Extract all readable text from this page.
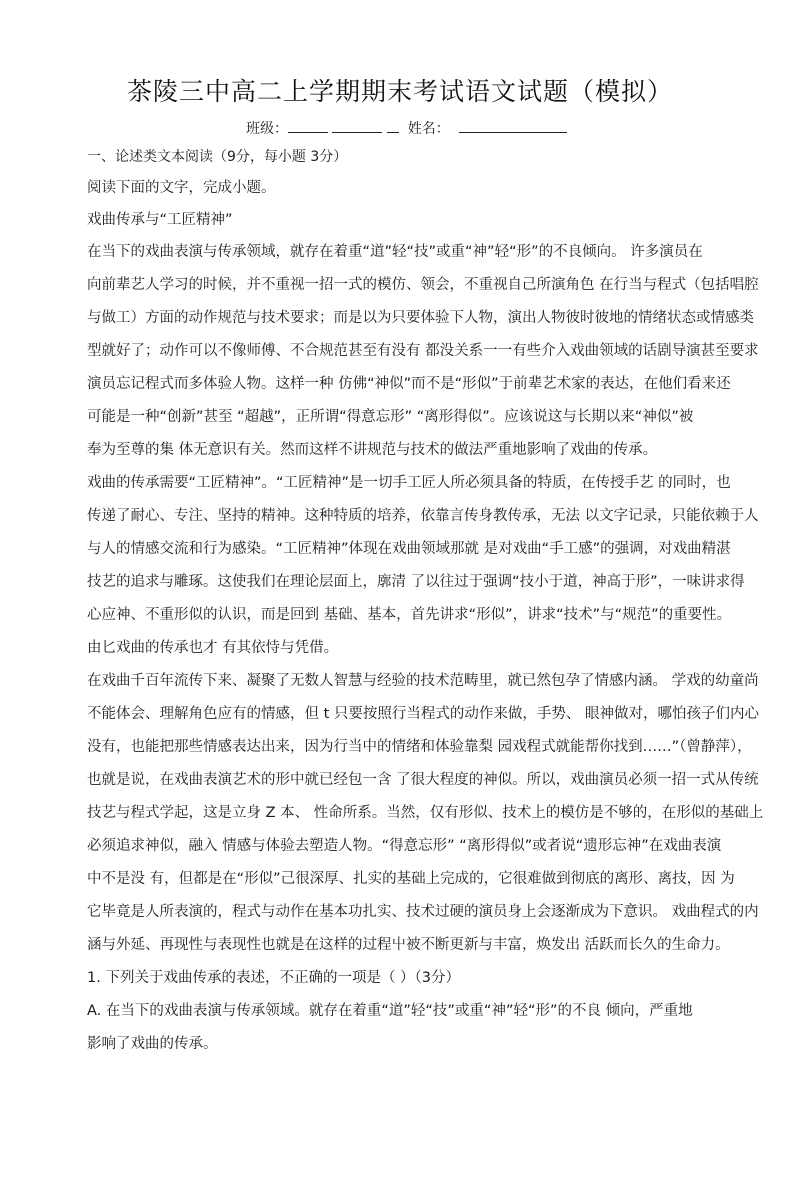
茶陵三中高二上学期期末考试语文试题（模拟）
班级：	姓名：
一、论述类文本阅读（9分，每小题 3分）
阅读下面的文字，完成小题。
戏曲传承与“工匠精神”
在当下的戏曲表演与传承领域，就存在着重“道”轻“技”或重“神”轻“形”的不良倾向。 许多演员在
向前辈艺人学习的时候，并不重视一招一式的模仿、领会，不重视自己所演角色 在行当与程式（包括唱腔
与做工）方面的动作规范与技术要求；而是以为只要体验下人物，演出人物彼时彼地的情绪状态或情感类
型就好了；动作可以不像师傅、不合规范甚至有没有 都没关系一一有些介入戏曲领域的话剧导演甚至要求
演员忘记程式而多体验人物。这样一种 仿佛“神似”而不是“形似”于前辈艺术家的表达，在他们看来还
可能是一种“创新”甚至 “超越”，正所谓“得意忘形” “离形得似”。应该说这与长期以来“神似”被
奉为至尊的集 体无意识有关。然而这样不讲规范与技术的做法严重地影响了戏曲的传承。
戏曲的传承需要“工匠精神”。“工匠精神”是一切手工匠人所必须具备的特质，在传授手艺 的同时，也
传递了耐心、专注、坚持的精神。这种特质的培养，依靠言传身教传承，无法 以文字记录，只能依赖于人
与人的情感交流和行为感染。“工匠精神”体现在戏曲领域那就 是对戏曲“手工感”的强调，对戏曲精湛
技艺的追求与雕琢。这使我们在理论层面上，廓清 了以往过于强调“技小于道，神高于形”，一味讲求得
心应神、不重形似的认识，而是回到 基础、基本，首先讲求“形似”，讲求“技术”与“规范”的重要性。
由匕戏曲的传承也才 有其依恃与凭借。
在戏曲千百年流传下来、凝聚了无数人智慧与经验的技术范畴里，就已然包孕了情感内涵。 学戏的幼童尚
不能体会、理解角色应有的情感，但 t 只要按照行当程式的动作来做，手势、 眼神做对，哪怕孩子们内心
没有，也能把那些情感表达出来，因为行当中的情绪和体验靠梨 园戏程式就能帮你找到……”（曾静萍），
也就是说，在戏曲表演艺术的形中就已经包一含 了很大程度的神似。所以，戏曲演员必须一招一式从传统
技艺与程式学起，这是立身 Z 本、 性命所系。当然，仅有形似、技术上的模仿是不够的，在形似的基础上
必须追求神似，融入 情感与体验去塑造人物。“得意忘形” “离形得似”或者说“遗形忘神”在戏曲表演
中不是没 有，但都是在“形似”己很深厚、扎实的基础上完成的，它很难做到彻底的离形、离技，因 为
它毕竟是人所表演的，程式与动作在基本功扎实、技术过硬的演员身上会逐渐成为下意识。 戏曲程式的内
涵与外延、再现性与表现性也就是在这样的过程屮被不断更新与丰富，焕发出 活跃而长久的生命力。
1. 下列关于戏曲传承的表述，不正确的一项是（ ）（3分）
A. 在当下的戏曲表演与传承领域。就存在着重“道”轻“技”或重“神”轻“形”的不良 倾向，严重地
影响了戏曲的传承。
